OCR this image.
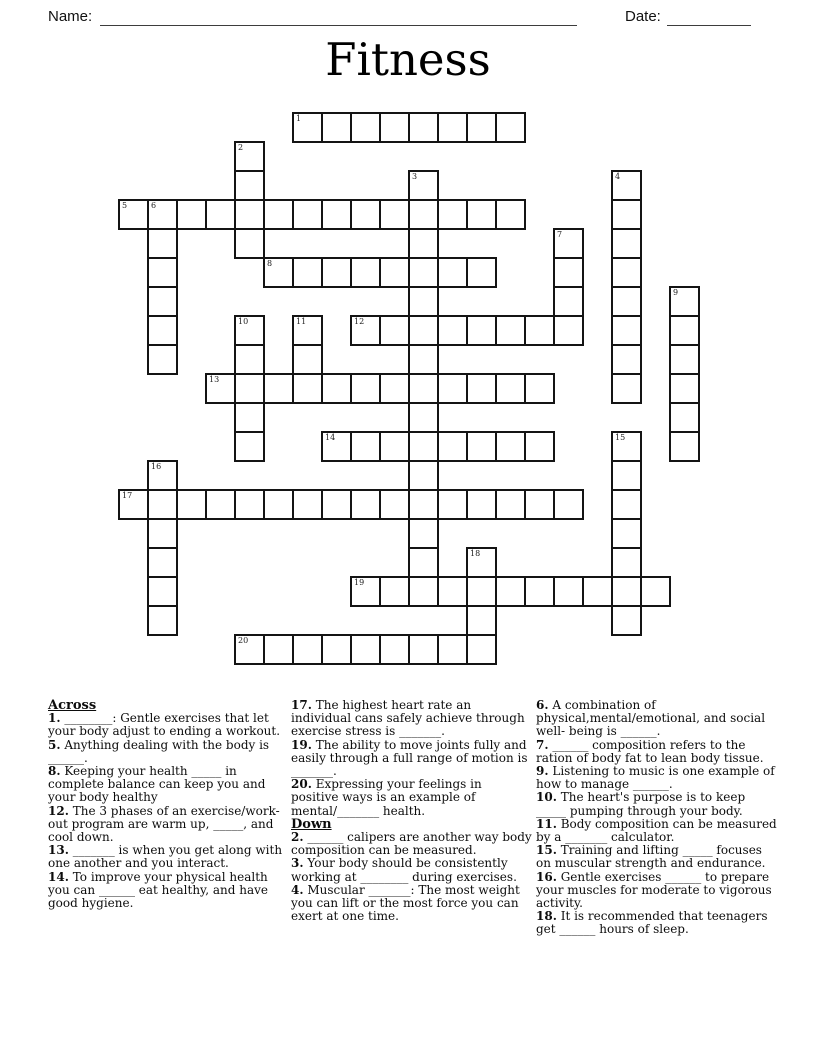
Name:	Date:
Fitness
1
2
3	4
5	6
7
8
9
10	11	12
13
14	15
16
17
18
19
20

Across

1. ________: Gentle exercises that let your body adjust to ending a workout.

5. Anything dealing with the body is ______.

8. Keeping your health _____ in complete balance can keep you and your body healthy

12. The 3 phases of an exercise/work-out program are warm up, _____, and cool down.

13. _______ is when you get along with one another and you interact.

14. To improve your physical health you can ______ eat healthy, and have good hygiene.

17. The highest heart rate an individual cans safely achieve through exercise stress is _______.

19. The ability to move joints fully and easily through a full range of motion is _______.

20. Expressing your feelings in positive ways is an example of mental/_______ health.

Down

2. ______ calipers are another way body composition can be measured.

3. Your body should be consistently working at ________ during exercises.

4. Muscular _______: The most weight you can lift or the most force you can exert at one time.

6. A combination of physical,mental/emotional, and social well- being is ______.

7. ______ composition refers to the ration of body fat to lean body tissue.

9. Listening to music is one example of how to manage ______.

10. The heart's purpose is to keep _____ pumping through your body.

11. Body composition can be measured by a _______ calculator.

15. Training and lifting _____ focuses on muscular strength and endurance.

16. Gentle exercises ______ to prepare your muscles for moderate to vigorous activity.

18. It is recommended that teenagers get ______ hours of sleep.
